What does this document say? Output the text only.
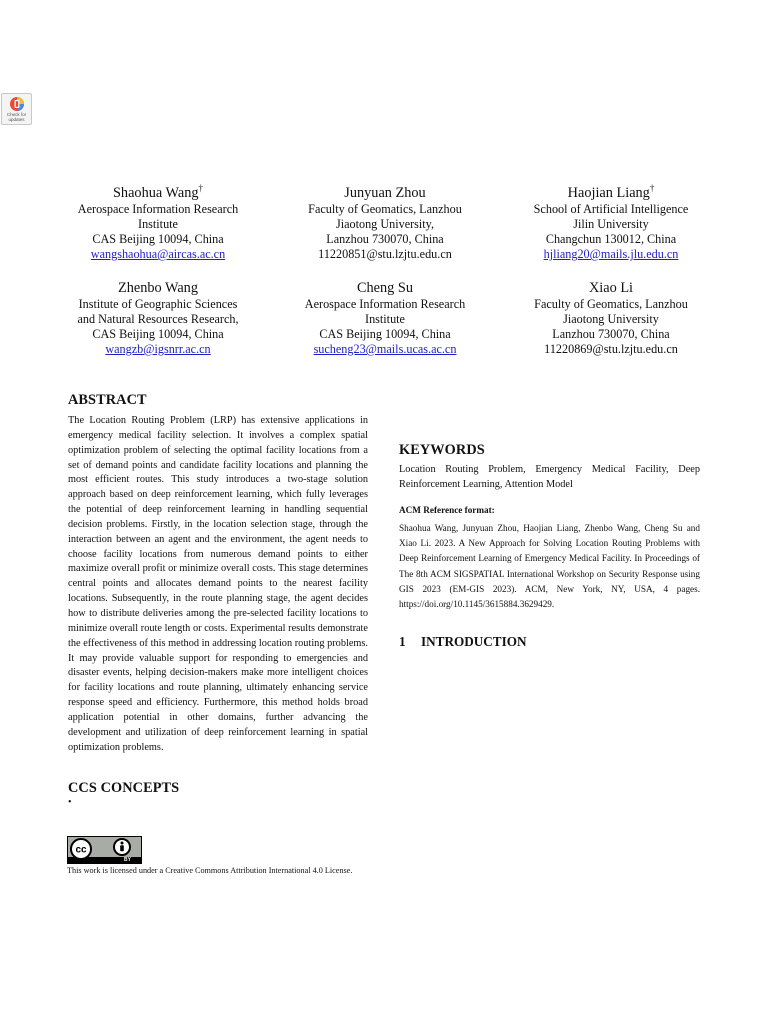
Check for
updates
Shaohua Wang†
Aerospace Information Research
Institute
CAS Beijing 10094, China
wangshaohua@aircas.ac.cn
Junyuan Zhou
Faculty of Geomatics, Lanzhou
Jiaotong University,
Lanzhou 730070, China
11220851@stu.lzjtu.edu.cn
Haojian Liang†
School of Artificial Intelligence
Jilin University
Changchun 130012, China
hjliang20@mails.jlu.edu.cn
Zhenbo Wang
Institute of Geographic Sciences
and Natural Resources Research,
CAS Beijing 10094, China
wangzb@igsnrr.ac.cn
Cheng Su
Aerospace Information Research
Institute
CAS Beijing 10094, China
sucheng23@mails.ucas.ac.cn
Xiao Li
Faculty of Geomatics, Lanzhou
Jiaotong University
Lanzhou 730070, China
11220869@stu.lzjtu.edu.cn
ABSTRACT
The Location Routing Problem (LRP) has extensive applications in emergency medical facility selection. It involves a complex spatial optimization problem of selecting the optimal facility locations from a set of demand points and candidate facility locations and planning the most efficient routes. This study introduces a two-stage solution approach based on deep reinforcement learning, which fully leverages the potential of deep reinforcement learning in handling sequential decision problems. Firstly, in the location selection stage, through the interaction between an agent and the environment, the agent needs to choose facility locations from numerous demand points to either maximize overall profit or minimize overall costs. This stage determines central points and allocates demand points to the nearest facility locations. Subsequently, in the route planning stage, the agent decides how to distribute deliveries among the pre-selected facility locations to minimize overall route length or costs. Experimental results demonstrate the effectiveness of this method in addressing location routing problems. It may provide valuable support for responding to emergencies and disaster events, helping decision-makers make more intelligent choices for facility locations and route planning, ultimately enhancing service response speed and efficiency. Furthermore, this method holds broad application potential in other domains, further advancing the development and utilization of deep reinforcement learning in spatial optimization problems.
CCS CONCEPTS
•
KEYWORDS
Location Routing Problem, Emergency Medical Facility, Deep Reinforcement Learning, Attention Model
ACM Reference format:
Shaohua Wang, Junyuan Zhou, Haojian Liang, Zhenbo Wang, Cheng Su and Xiao Li. 2023. A New Approach for Solving Location Routing Problems with Deep Reinforcement Learning of Emergency Medical Facility. In Proceedings of The 8th ACM SIGSPATIAL International Workshop on Security Response using GIS 2023 (EM-GIS 2023). ACM, New York, NY, USA, 4 pages. https://doi.org/10.1145/3615884.3629429.
1 INTRODUCTION
cc
BY
This work is licensed under a Creative Commons Attribution International 4.0 License.
